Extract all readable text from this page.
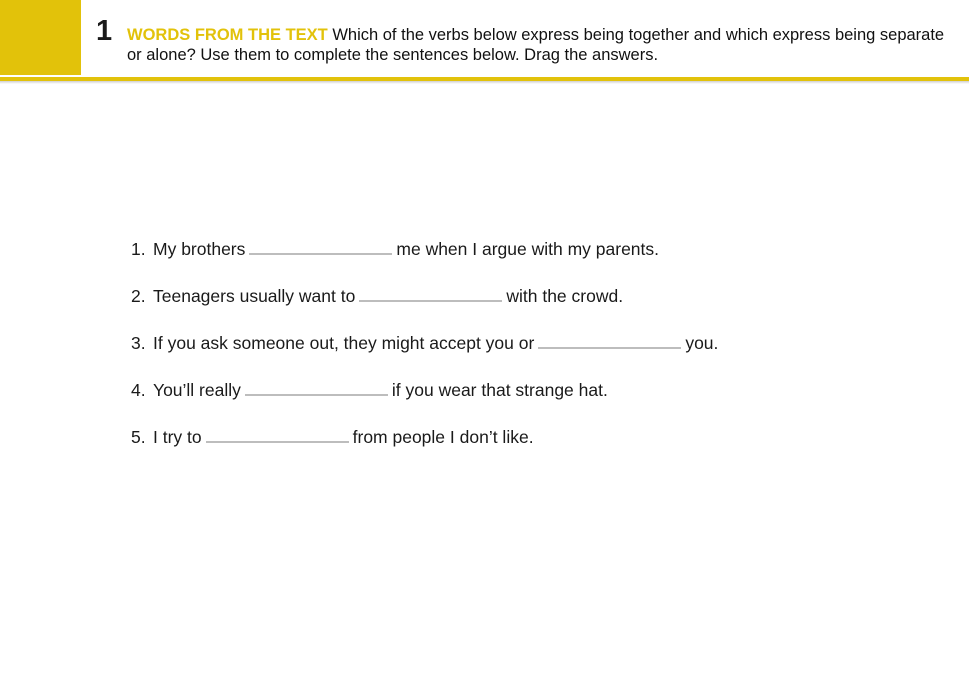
1 WORDS FROM THE TEXT Which of the verbs below express being together and which express being separate or alone? Use them to complete the sentences below. Drag the answers.
1. My brothers	me when I argue with my parents.
2. Teenagers usually want to	with the crowd.
3. If you ask someone out, they might accept you or	you.
4. You’ll really	if you wear that strange hat.
5. I try to	from people I don’t like.
